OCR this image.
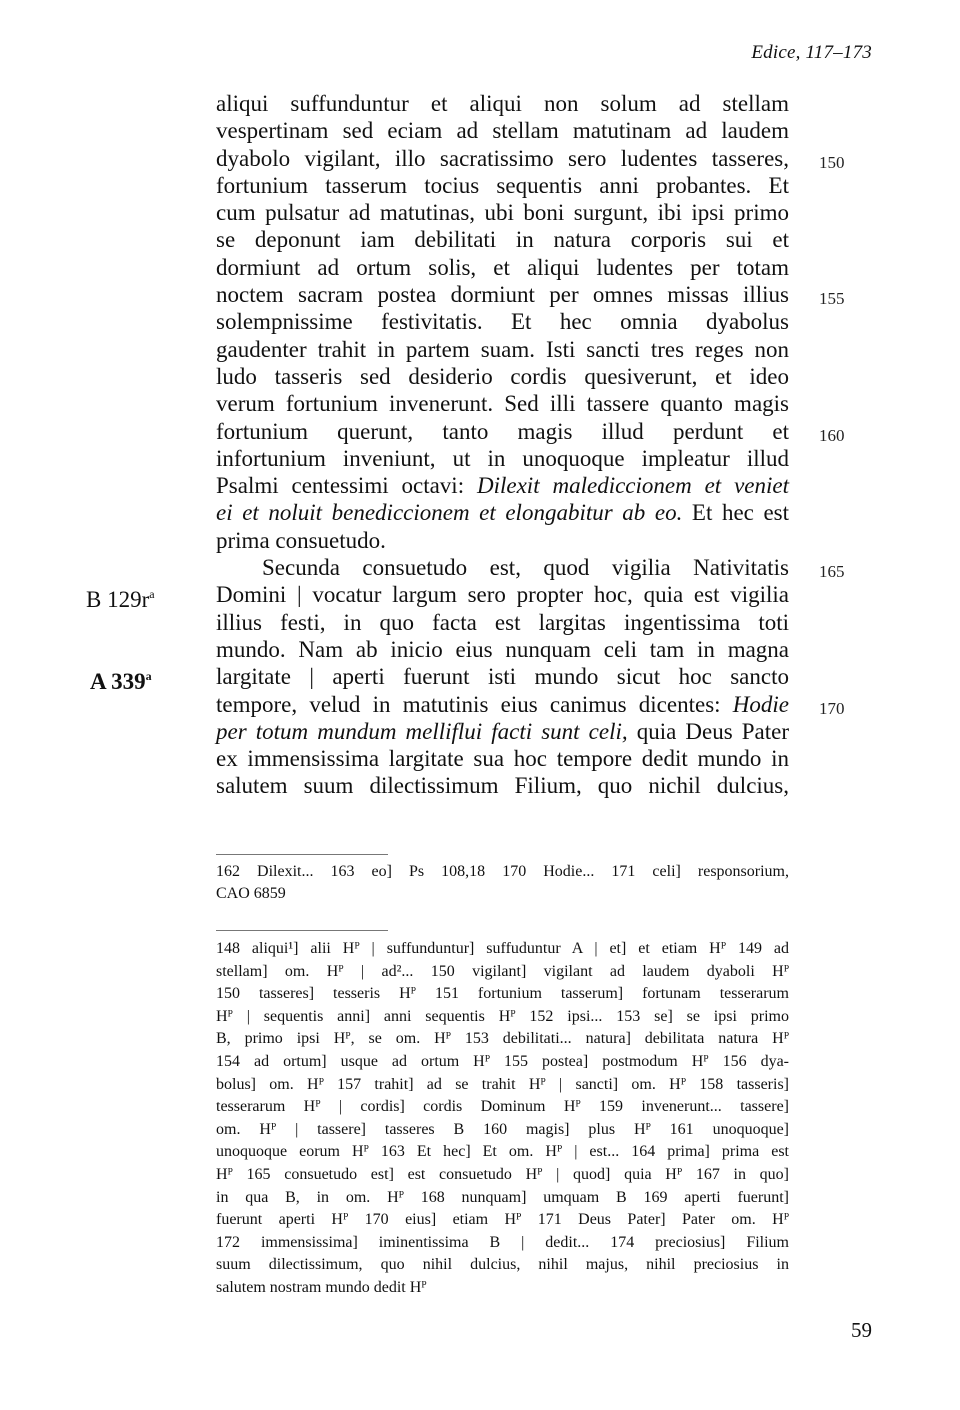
Edice, 117–173
aliqui suffunduntur et aliqui non solum ad stellam
vespertinam sed eciam ad stellam matutinam ad laudem
dyabolo vigilant, illo sacratissimo sero ludentes tasseres, 150
fortunium tasserum tocius sequentis anni probantes. Et
cum pulsatur ad matutinas, ubi boni surgunt, ibi ipsi primo
se deponunt iam debilitati in natura corporis sui et
dormiunt ad ortum solis, et aliqui ludentes per totam
noctem sacram postea dormiunt per omnes missas illius 155
solempnissime festivitatis. Et hec omnia dyabolus
gaudenter trahit in partem suam. Isti sancti tres reges non
ludo tasseris sed desiderio cordis quesiverunt, et ideo
verum fortunium invenerunt. Sed illi tassere quanto magis
fortunium querunt, tanto magis illud perdunt et 160
infortunium inveniunt, ut in unoquoque impleatur illud
Psalmi centessimi octavi: Dilexit malediccionem et veniet
ei et noluit benediccionem et elongabitur ab eo. Et hec est
prima consuetudo.
Secunda consuetudo est, quod vigilia Nativitatis 165
Domini | vocatur largum sero propter hoc, quia est vigilia
B $129r^a$
illius festi, in quo facta est largitas ingentissima toti
mundo. Nam ab inicio eius nunquam celi tam in magna
largitate | aperti fuerunt isti mundo sicut hoc sancto
A 339$^a$
tempore, velud in matutinis eius canimus dicentes: Hodie 170
per totum mundum melliflui facti sunt celi, quia Deus Pater
ex immensissima largitate sua hoc tempore dedit mundo in
salutem suum dilectissimum Filium, quo nichil dulcius,
162 Dilexit... 163 eo] Ps 108,18 170 Hodie... 171 celi] responsorium,
CAO 6859
148 aliqui¹] alii Hᴾ | suffunduntur] suffuduntur A | et] et etiam Hᴾ 149 ad
stellam] om. Hᴾ | ad²... 150 vigilant] vigilant ad laudem dyaboli Hᴾ
150 tasseres] tesseris Hᴾ 151 fortunium tasserum] fortunam tesserarum
Hᴾ | sequentis anni] anni sequentis Hᴾ 152 ipsi... 153 se] se ipsi primo
B, primo ipsi Hᴾ, se om. Hᴾ 153 debilitati... natura] debilitata natura Hᴾ
154 ad ortum] usque ad ortum Hᴾ 155 postea] postmodum Hᴾ 156 dya-
bolus] om. Hᴾ 157 trahit] ad se trahit Hᴾ | sancti] om. Hᴾ 158 tasseris]
tesserarum Hᴾ | cordis] cordis Dominum Hᴾ 159 invenerunt... tassere]
om. Hᴾ | tassere] tasseres B 160 magis] plus Hᴾ 161 unoquoque]
unoquoque eorum Hᴾ 163 Et hec] Et om. Hᴾ | est... 164 prima] prima est
Hᴾ 165 consuetudo est] est consuetudo Hᴾ | quod] quia Hᴾ 167 in quo]
in qua B, in om. Hᴾ 168 nunquam] umquam B 169 aperti fuerunt]
fuerunt aperti Hᴾ 170 eius] etiam Hᴾ 171 Deus Pater] Pater om. Hᴾ
172 immensissima] iminentissima B | dedit... 174 preciosius] Filium
suum dilectissimum, quo nihil dulcius, nihil majus, nihil preciosius in
salutem nostram mundo dedit Hᴾ
59
